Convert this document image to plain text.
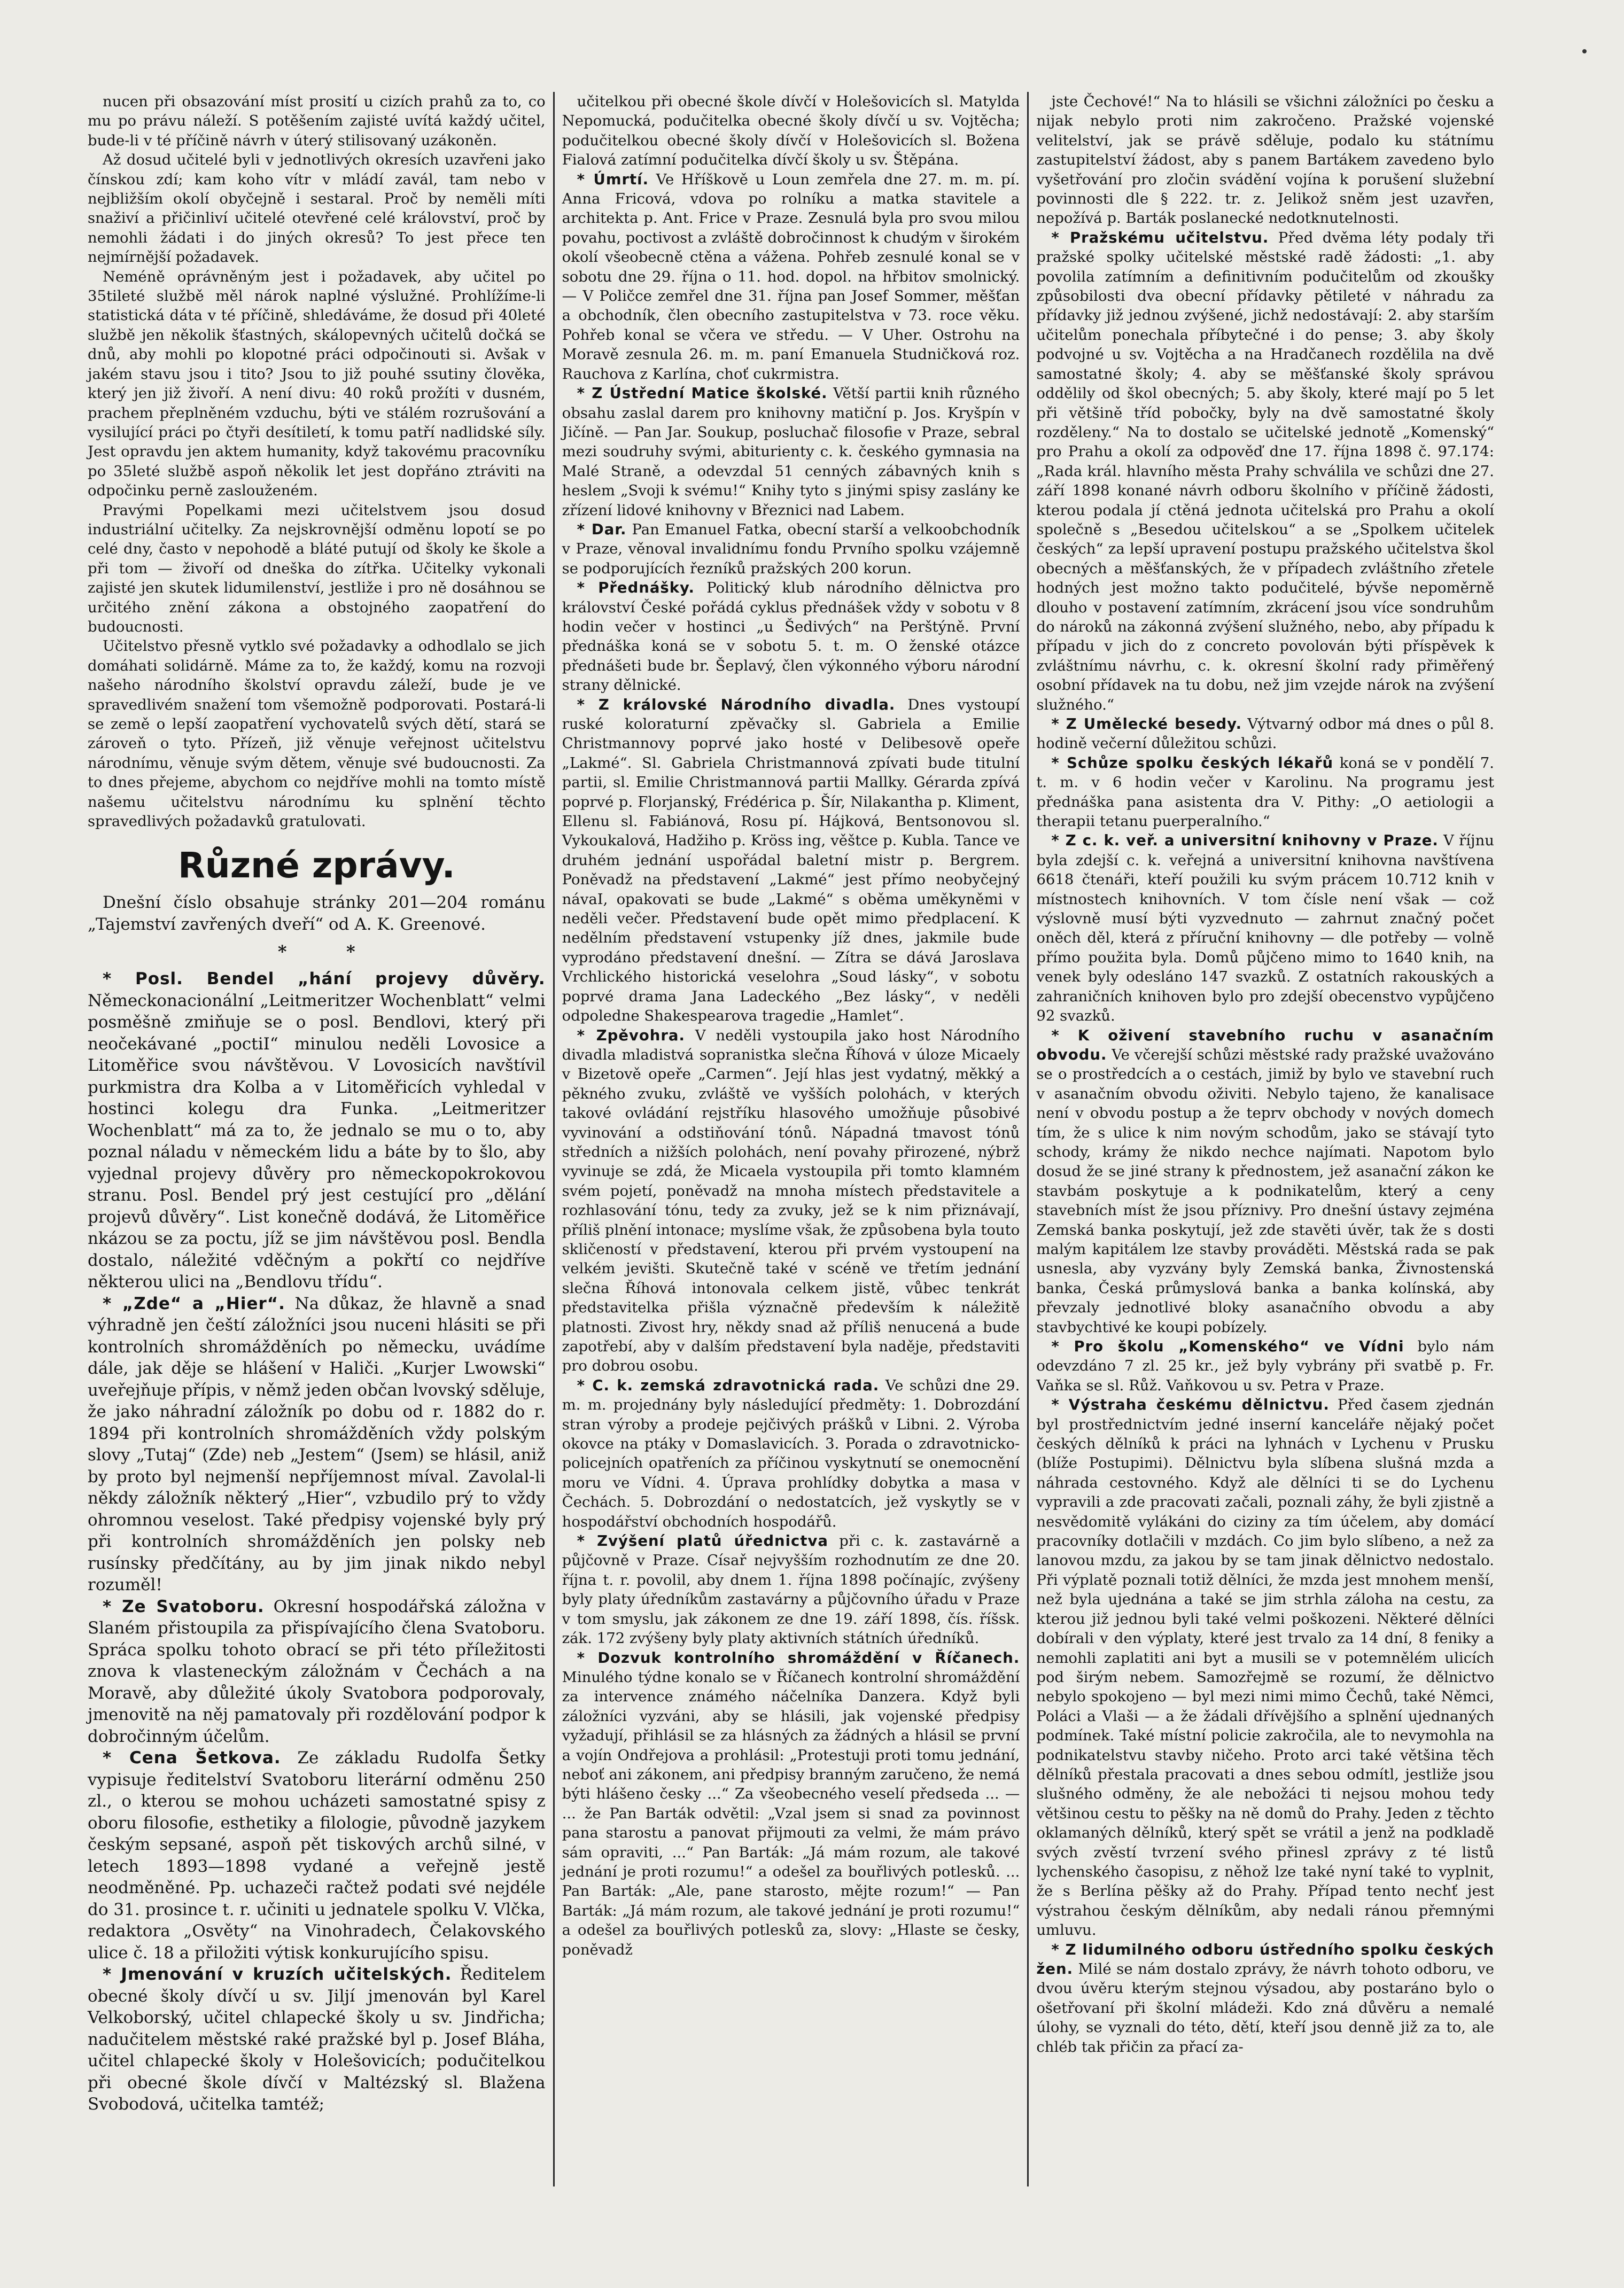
nucen při obsazování míst prosití u cizích prahů za to, co mu po právu náleží. S potěšením zajisté uvítá každý učitel, bude-li v té příčině návrh v úterý stilisovaný uzákoněn.

Až dosud učitelé byli v jednotlivých okresích uzavřeni jako čínskou zdí; kam koho vítr v mládí zavál, tam nebo v nejbližším okolí obyčejně i sestaral. Proč by neměli míti snaživí a přičinliví učitelé otevřené celé království, proč by nemohli žádati i do jiných okresů? To jest přece ten nejmírnější požadavek.

Neméně oprávněným jest i požadavek, aby učitel po 35tileté službě měl nárok naplné výslužné. Prohlížíme-li statistická dáta v té příčině, shledáváme, že dosud při 40leté službě jen několik šťastných, skálopevných učitelů dočká se dnů, aby mohli po klopotné práci odpočinouti si. Avšak v jakém stavu jsou i tito? Jsou to již pouhé ssutiny člověka, který jen již živoří. A není divu: 40 roků prožíti v dusném, prachem přeplněném vzduchu, býti ve stálém rozrušování a vysilující práci po čtyři desítiletí, k tomu patří nadlidské síly. Jest opravdu jen aktem humanity, když takovému pracovníku po 35leté službě aspoň několik let jest dopřáno ztráviti na odpočinku perně zaslouženém.

Pravými Popelkami mezi učitelstvem jsou dosud industriální učitelky. Za nejskrovnější odměnu lopotí se po celé dny, často v nepohodě a bláté putují od školy ke škole a při tom — živoří od dneška do zítřka. Učitelky vykonali zajisté jen skutek lidumilenství, jestliže i pro ně dosáhnou se určitého znění zákona a obstojného zaopatření do budoucnosti.

Učitelstvo přesně vytklo své požadavky a odhodlalo se jich domáhati solidárně. Máme za to, že každý, komu na rozvoji našeho národního školství opravdu záleží, bude je ve spravedlivém snažení tom všemožně podporovati. Postará-li se země o lepší zaopatření vychovatelů svých dětí, stará se zároveň o tyto. Přízeň, již věnuje veřejnost učitelstvu národnímu, věnuje svým dětem, věnuje své budoucnosti. Za to dnes přejeme, abychom co nejdříve mohli na tomto místě našemu učitelstvu národnímu ku splnění těchto spravedlivých požadavků gratulovati.

Různé zprávy.

Dnešní číslo obsahuje stránky 201—204 románu „Tajemství zavřených dveří“ od A. K. Greenové.

*          *

* Posl. Bendel „hání projevy důvěry. Německonacionální „Leitmeritzer Wochenblatt“ velmi posměšně zmiňuje se o posl. Bendlovi, který při neočekávané „poctiI“ minulou neděli Lovosice a Litoměřice svou návštěvou. V Lovosicích navštívil purkmistra dra Kolba a v Litoměřicích vyhledal v hostinci kolegu dra Funka. „Leitmeritzer Wochenblatt“ má za to, že jednalo se mu o to, aby poznal náladu v německém lidu a báte by to šlo, aby vyjednal projevy důvěry pro německopokrokovou stranu. Posl. Bendel prý jest cestující pro „dělání projevů důvěry“. List konečně dodává, že Litoměřice nkázou se za poctu, jíž se jim návštěvou posl. Bendla dostalo, náležité vděčným a pokřtí co nejdříve některou ulici na „Bendlovu třídu“.

* „Zde“ a „Hier“. Na důkaz, že hlavně a snad výhradně jen čeští záložníci jsou nuceni hlásiti se při kontrolních shromážděních po německu, uvádíme dále, jak děje se hlášení v Haliči. „Kurjer Lwowski“ uveřejňuje přípis, v němž jeden občan lvovský sděluje, že jako náhradní záložník po dobu od r. 1882 do r. 1894 při kontrolních shromážděních vždy polským slovy „Tutaj“ (Zde) neb „Jestem“ (Jsem) se hlásil, aniž by proto byl nejmenší nepříjemnost míval. Zavolal-li někdy záložník některý „Hier“, vzbudilo prý to vždy ohromnou veselost. Také předpisy vojenské byly prý při kontrolních shromážděních jen polsky neb rusínsky předčítány, au by jim jinak nikdo nebyl rozuměl!

* Ze Svatoboru. Okresní hospodářská záložna v Slaném přistoupila za přispívajícího člena Svatoboru. Spráca spolku tohoto obrací se při této příležitosti znova k vlasteneckým záložnám v Čechách a na Moravě, aby důležité úkoly Svatobora podporovaly, jmenovitě na něj pamatovaly při rozdělování podpor k dobročinným účelům.

* Cena Šetkova. Ze základu Rudolfa Šetky vypisuje ředitelství Svatoboru literární odměnu 250 zl., o kterou se mohou ucházeti samostatné spisy z oboru filosofie, esthetiky a filologie, původně jazykem českým sepsané, aspoň pět tiskových archů silné, v letech 1893—1898 vydané a veřejně jestě neodměněné. Pp. uchazeči račtež podati své nejdéle do 31. prosince t. r. učiniti u jednatele spolku V. Vlčka, redaktora „Osvěty“ na Vinohradech, Čelakovského ulice č. 18 a přiložiti výtisk konkurujícího spisu.

* Jmenování v kruzích učitelských. Ředitelem obecné školy dívčí u sv. Jiljí jmenován byl Karel Velkoborský, učitel chlapecké školy u sv. Jindřicha; nadučitelem městské raké pražské byl p. Josef Bláha, učitel chlapecké školy v Holešovicích; podučitelkou při obecné škole dívčí v Maltézský sl. Blažena Svobodová, učitelka tamtéž;

učitelkou při obecné škole dívčí v Holešovicích sl. Matylda Nepomucká, podučitelka obecné školy dívčí u sv. Vojtěcha; podučitelkou obecné školy dívčí v Holešovicích sl. Božena Fialová zatímní podučitelka dívčí školy u sv. Štěpána.

* Úmrtí. Ve Hříškově u Loun zemřela dne 27. m. m. pí. Anna Fricová, vdova po rolníku a matka stavitele a architekta p. Ant. Frice v Praze. Zesnulá byla pro svou milou povahu, poctivost a zvláště dobročinnost k chudým v širokém okolí všeobecně ctěna a vážena. Pohřeb zesnulé konal se v sobotu dne 29. října o 11. hod. dopol. na hřbitov smolnický. — V Poličce zemřel dne 31. října pan Josef Sommer, měšťan a obchodník, člen obecního zastupitelstva v 73. roce věku. Pohřeb konal se včera ve středu. — V Uher. Ostrohu na Moravě zesnula 26. m. m. paní Emanuela Studničková roz. Rauchova z Karlína, choť cukrmistra.

* Z Ústřední Matice školské. Větší partii knih různého obsahu zaslal darem pro knihovny matiční p. Jos. Kryšpín v Jičíně. — Pan Jar. Soukup, posluchač filosofie v Praze, sebral mezi soudruhy svými, abiturienty c. k. českého gymnasia na Malé Straně, a odevzdal 51 cenných zábavných knih s heslem „Svoji k svému!“ Knihy tyto s jinými spisy zaslány ke zřízení lidové knihovny v Březnici nad Labem.

* Dar. Pan Emanuel Fatka, obecní starší a velkoobchodník v Praze, věnoval invalidnímu fondu Prvního spolku vzájemně se podporujících řezníků pražských 200 korun.

* Přednášky. Politický klub národního dělnictva pro království České pořádá cyklus přednášek vždy v sobotu v 8 hodin večer v hostinci „u Šedivých“ na Perštýně. První přednáška koná se v sobotu 5. t. m. O ženské otázce přednášeti bude br. Šeplavý, člen výkonného výboru národní strany dělnické.

* Z královské Národního divadla. Dnes vystoupí ruské koloraturní zpěvačky sl. Gabriela a Emilie Christmannovy poprvé jako hosté v Delibesově opeře „Lakmé“. Sl. Gabriela Christmannová zpívati bude titulní partii, sl. Emilie Christmannová partii Mallky. Gérarda zpívá poprvé p. Florjanský, Frédérica p. Šír, Nilakantha p. Kliment, Ellenu sl. Fabiánová, Rosu pí. Hájková, Bentsonovou sl. Vykoukalová, Hadžiho p. Kröss ing, věštce p. Kubla. Tance ve druhém jednání uspořádal baletní mistr p. Bergrem. Poněvadž na představení „Lakmé“ jest přímo neobyčejný návaI, opakovati se bude „Lakmé“ s oběma uměkyněmi v neděli večer. Představení bude opět mimo předplacení. K nedělním představení vstupenky jíž dnes, jakmile bude vyprodáno představení dnešní. — Zítra se dává Jaroslava Vrchlického historická veselohra „Soud lásky“, v sobotu poprvé drama Jana Ladeckého „Bez lásky“, v neděli odpoledne Shakespearova tragedie „Hamlet“.

* Zpěvohra. V neděli vystoupila jako host Národního divadla mladistvá sopranistka slečna Říhová v úloze Micaely v Bizetově opeře „Carmen“. Její hlas jest vydatný, měkký a pěkného zvuku, zvláště ve vyšších polohách, v kterých takové ovládání rejstříku hlasového umožňuje působivé vyvinování a odstiňování tónů. Nápadná tmavost tónů středních a nižších polohách, není povahy přirozené, nýbrž vyvinuje se zdá, že Micaela vystoupila při tomto klamném svém pojetí, poněvadž na mnoha místech představitele a rozhlasování tónu, tedy za zvuky, jež se k nim přiznávají, příliš plnění intonace; myslíme však, že způsobena byla touto skličeností v představení, kterou při prvém vystoupení na velkém jevišti. Skutečně také v scéně ve třetím jednání slečna Říhová intonovala celkem jistě, vůbec tenkrát představitelka přišla význačně především k náležitě platnosti. Zivost hry, někdy snad až příliš nenucená a bude zapotřebí, aby v dalším představení byla naděje, představiti pro dobrou osobu.

* C. k. zemská zdravotnická rada. Ve schůzi dne 29. m. m. projednány byly následující předměty: 1. Dobrozdání stran výroby a prodeje pejčivých prášků v Libni. 2. Výroba okovce na ptáky v Domaslavicích. 3. Porada o zdravotnicko-policejních opatřeních za příčinou vyskytnutí se onemocnění moru ve Vídni. 4. Úprava prohlídky dobytka a masa v Čechách. 5. Dobrozdání o nedostatcích, jež vyskytly se v hospodářství obchodních hospodářů.

* Zvýšení platů úřednictva při c. k. zastavárně a půjčovně v Praze. Císař nejvyšším rozhodnutím ze dne 20. října t. r. povolil, aby dnem 1. října 1898 počínajíc, zvýšeny byly platy úředníkům zastavárny a půjčovního úřadu v Praze v tom smyslu, jak zákonem ze dne 19. září 1898, čís. říšsk. zák. 172 zvýšeny byly platy aktivních státních úředníků.

* Dozvuk kontrolního shromáždění v Říčanech. Minulého týdne konalo se v Říčanech kontrolní shromáždění za intervence známého náčelníka Danzera. Když byli záložníci vyzváni, aby se hlásili, jak vojenské předpisy vyžadují, přihlásil se za hlásných za žádných a hlásil se první a vojín Ondřejova a prohlásil: „Protestuji proti tomu jednání, neboť ani zákonem, ani předpisy branným zaručeno, že nemá býti hlášeno česky ...“ Za všeobecného veselí předseda ... — ... že Pan Barták odvětil: „Vzal jsem si snad za povinnost pana starostu a panovat přijmouti za velmi, že mám právo sám opraviti, ...“ Pan Barták: „Já mám rozum, ale takové jednání je proti rozumu!“ a odešel za bouřlivých potlesků. ... Pan Barták: „Ale, pane starosto, mějte rozum!“ — Pan Barták: „Já mám rozum, ale takové jednání je proti rozumu!“ a odešel za bouřlivých potlesků za, slovy: „Hlaste se česky, poněvadž

jste Čechové!“ Na to hlásili se všichni záložníci po česku a nijak nebylo proti nim zakročeno. Pražské vojenské velitelství, jak se právě sděluje, podalo ku státnímu zastupitelství žádost, aby s panem Bartákem zavedeno bylo vyšetřování pro zločin svádění vojína k porušení služební povinnosti dle § 222. tr. z. Jelikož sněm jest uzavřen, nepožívá p. Barták poslanecké nedotknutelnosti.

* Pražskému učitelstvu. Před dvěma léty podaly tři pražské spolky učitelské městské radě žádosti: „1. aby povolila zatímním a definitivním podučitelům od zkoušky způsobilosti dva obecní přídavky pětileté v náhradu za přídavky již jednou zvýšené, jichž nedostávají: 2. aby starším učitelům ponechala příbytečné i do pense; 3. aby školy podvojné u sv. Vojtěcha a na Hradčanech rozdělila na dvě samostatné školy; 4. aby se měšťanské školy správou oddělily od škol obecných; 5. aby školy, které mají po 5 let při většině tříd pobočky, byly na dvě samostatné školy rozděleny.“ Na to dostalo se učitelské jednotě „Komenský“ pro Prahu a okolí za odpověď dne 17. října 1898 č. 97.174: „Rada král. hlavního města Prahy schválila ve schůzi dne 27. září 1898 konané návrh odboru školního v příčině žádosti, kterou podala jí ctěná jednota učitelská pro Prahu a okolí společně s „Besedou učitelskou“ a se „Spolkem učitelek českých“ za lepší upravení postupu pražského učitelstva škol obecných a měšťanských, že v případech zvláštního zřetele hodných jest možno takto podučitelé, bývše nepoměrně dlouho v postavení zatímním, zkrácení jsou více sondruhům do nároků na zákonná zvýšení služného, nebo, aby případu k případu v jich do z concreto povolován býti příspěvek k zvláštnímu návrhu, c. k. okresní školní rady přiměřený osobní přídavek na tu dobu, než jim vzejde nárok na zvýšení služného.“

* Z Umělecké besedy. Výtvarný odbor má dnes o půl 8. hodině večerní důležitou schůzi.

* Schůze spolku českých lékařů koná se v pondělí 7. t. m. v 6 hodin večer v Karolinu. Na programu jest přednáška pana asistenta dra V. Pithy: „O aetiologii a therapii tetanu puerperalního.“

* Z c. k. veř. a universitní knihovny v Praze. V říjnu byla zdejší c. k. veřejná a universitní knihovna navštívena 6618 čtenáři, kteří použili ku svým prácem 10.712 knih v místnostech knihovních. V tom čísle není však — což výslovně musí býti vyzvednuto — zahrnut značný počet oněch děl, která z příruční knihovny — dle potřeby — volně přímo použita byla. Domů půjčeno mimo to 1640 knih, na venek byly odesláno 147 svazků. Z ostatních rakouských a zahraničních knihoven bylo pro zdejší obecenstvo vypůjčeno 92 svazků.

* K oživení stavebního ruchu v asanačním obvodu. Ve včerejší schůzi městské rady pražské uvažováno se o prostředcích a o cestách, jimiž by bylo ve stavební ruch v asanačním obvodu oživiti. Nebylo tajeno, že kanalisace není v obvodu postup a že teprv obchody v nových domech tím, že s ulice k nim novým schodům, jako se stávají tyto schody, krámy že nikdo nechce najímati. Napotom bylo dosud že se jiné strany k přednostem, jež asanační zákon ke stavbám poskytuje a k podnikatelům, který a ceny stavebních míst že jsou příznivy. Pro dnešní ústavy zejména Zemská banka poskytují, jež zde stavěti úvěr, tak že s dosti malým kapitálem lze stavby prováděti. Městská rada se pak usnesla, aby vyzvány byly Zemská banka, Živnostenská banka, Česká průmyslová banka a banka kolínská, aby převzaly jednotlivé bloky asanačního obvodu a aby stavbychtivé ke koupi pobízely.

* Pro školu „Komenského“ ve Vídni bylo nám odevzdáno 7 zl. 25 kr., jež byly vybrány při svatbě p. Fr. Vaňka se sl. Růž. Vaňkovou u sv. Petra v Praze.

* Výstraha českému dělnictvu. Před časem zjednán byl prostřednictvím jedné inserní kanceláře nějaký počet českých dělníků k práci na lyhnách v Lychenu v Prusku (blíže Postupimi). Dělnictvu byla slíbena slušná mzda a náhrada cestovného. Když ale dělníci ti se do Lychenu vypravili a zde pracovati začali, poznali záhy, že byli zjistně a nesvědomitě vylákáni do ciziny za tím účelem, aby domácí pracovníky dotlačili v mzdách. Co jim bylo slíbeno, a než za lanovou mzdu, za jakou by se tam jinak dělnictvo nedostalo. Při výplatě poznali totiž dělníci, že mzda jest mnohem menší, než byla ujednána a také se jim strhla záloha na cestu, za kterou již jednou byli také velmi poškozeni. Některé dělníci dobírali v den výplaty, které jest trvalo za 14 dní, 8 feniky a nemohli zaplatiti ani byt a musili se v potemnělém ulicích pod širým nebem. Samozřejmě se rozumí, že dělnictvo nebylo spokojeno — byl mezi nimi mimo Čechů, také Němci, Poláci a Vlaši — a že žádali dřívějšího a splnění ujednaných podmínek. Také místní policie zakročila, ale to nevymohla na podnikatelstvu stavby ničeho. Proto arci také většina těch dělníků přestala pracovati a dnes sebou odmítl, jestliže jsou slušného odměny, že ale nebožáci ti nejsou mohou tedy většinou cestu to pěšky na ně domů do Prahy. Jeden z těchto oklamaných dělníků, který spět se vrátil a jenž na podkladě svých zvěstí tvrzení svého přinesl zprávy z té listů lychenského časopisu, z něhož lze také nyní také to vyplnit, že s Berlína pěšky až do Prahy. Případ tento nechť jest výstrahou českým dělníkům, aby nedali ránou přemnými umluvu.

* Z lidumilného odboru ústředního spolku českých žen. Milé se nám dostalo zprávy, že návrh tohoto odboru, ve dvou úvěru kterým stejnou výsadou, aby postaráno bylo o ošetřovaní při školní mládeži. Kdo zná důvěru a nemalé úlohy, se vyznali do této, dětí, kteří jsou denně již za to, ale chléb tak přičin za přací za-
